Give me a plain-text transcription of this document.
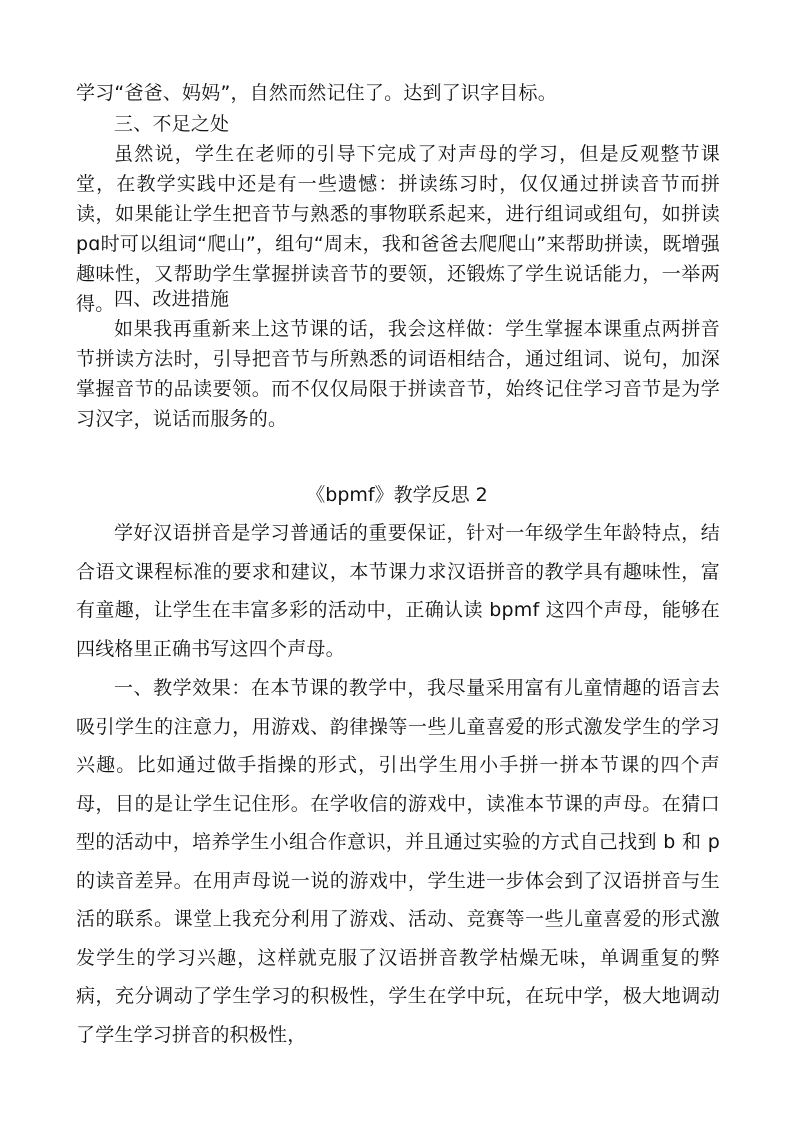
学习“爸爸、妈妈”，自然而然记住了。达到了识字目标。

三、不足之处

虽然说，学生在老师的引导下完成了对声母的学习，但是反观整节课堂，在教学实践中还是有一些遗憾：拼读练习时，仅仅通过拼读音节而拼读，如果能让学生把音节与熟悉的事物联系起来，进行组词或组句，如拼读 pɑ时可以组词“爬山”，组句“周末，我和爸爸去爬爬山”来帮助拼读，既增强趣味性，又帮助学生掌握拼读音节的要领，还锻炼了学生说话能力，一举两得。 四、改进措施

如果我再重新来上这节课的话，我会这样做：学生掌握本课重点两拼音节拼读方法时，引导把音节与所熟悉的词语相结合，通过组词、说句，加深掌握音节的品读要领。而不仅仅局限于拼读音节，始终记住学习音节是为学习汉字，说话而服务的。

《bpmf》教学反思 2

学好汉语拼音是学习普通话的重要保证，针对一年级学生年龄特点，结合语文课程标准的要求和建议，本节课力求汉语拼音的教学具有趣味性，富有童趣，让学生在丰富多彩的活动中，正确认读 bpmf 这四个声母，能够在四线格里正确书写这四个声母。

一、教学效果：在本节课的教学中，我尽量采用富有儿童情趣的语言去吸引学生的注意力，用游戏、韵律操等一些儿童喜爱的形式激发学生的学习兴趣。比如通过做手指操的形式，引出学生用小手拼一拼本节课的四个声母，目的是让学生记住形。在学收信的游戏中，读准本节课的声母。在猜口型的活动中，培养学生小组合作意识，并且通过实验的方式自己找到 b 和 p 的读音差异。在用声母说一说的游戏中，学生进一步体会到了汉语拼音与生活的联系。课堂上我充分利用了游戏、活动、竞赛等一些儿童喜爱的形式激发学生的学习兴趣，这样就克服了汉语拼音教学枯燥无味，单调重复的弊病，充分调动了学生学习的积极性，学生在学中玩，在玩中学，极大地调动了学生学习拼音的积极性，
